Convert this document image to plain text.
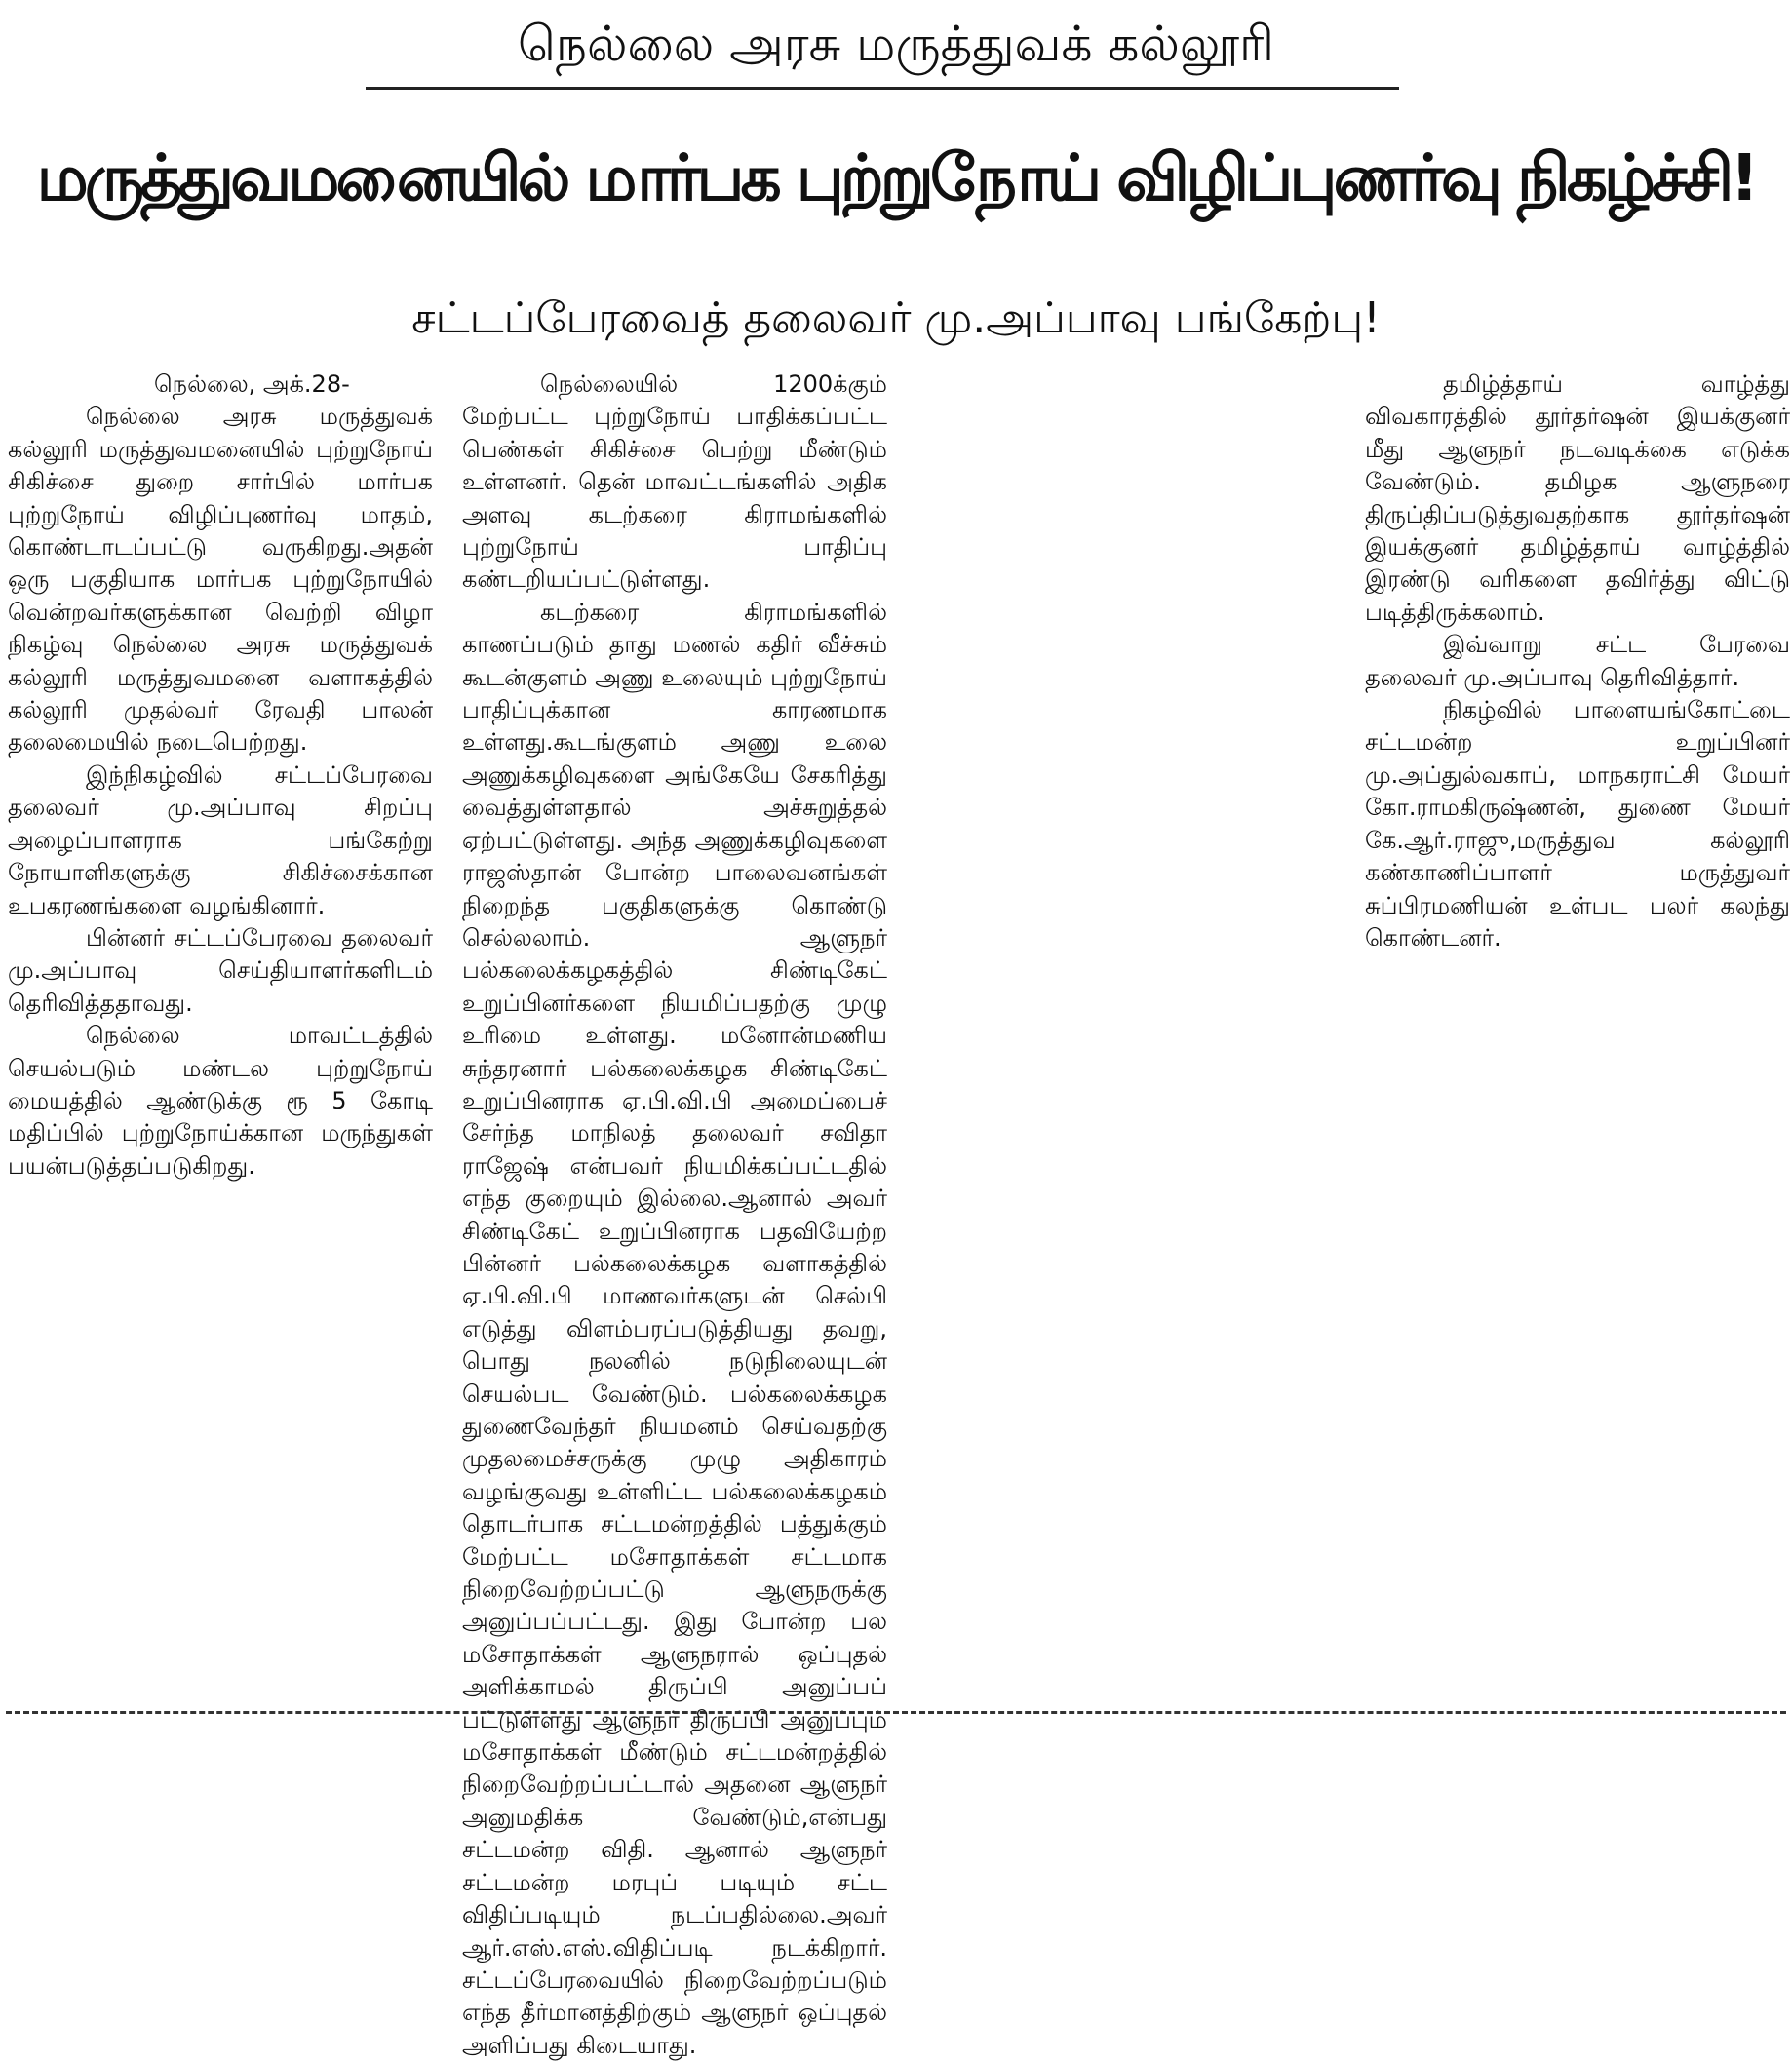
நெல்லை அரசு மருத்துவக் கல்லூரி
மருத்துவமனையில் மார்பக புற்றுநோய் விழிப்புணர்வு நிகழ்ச்சி!
சட்டப்பேரவைத் தலைவர் மு.அப்பாவு பங்கேற்பு!

நெல்லை, அக்.28-

நெல்லை அரசு மருத்துவக் கல்லூரி மருத்துவமனையில் புற்றுநோய் சிகிச்சை துறை சார்பில் மார்பக புற்றுநோய் விழிப்புணர்வு மாதம், கொண்டாடப்பட்டு வருகிறது.அதன் ஒரு பகுதியாக மார்பக புற்றுநோயில் வென்றவர்களுக்கான வெற்றி விழா நிகழ்வு நெல்லை அரசு மருத்துவக் கல்லூரி மருத்துவமனை வளாகத்தில் கல்லூரி முதல்வர் ரேவதி பாலன் தலைமையில் நடைபெற்றது.

இந்நிகழ்வில் சட்டப்பேரவை தலைவர் மு.அப்பாவு சிறப்பு அழைப்பாளராக பங்கேற்று நோயாளிகளுக்கு சிகிச்சைக்கான உபகரணங்களை வழங்கினார்.

பின்னர் சட்டப்பேரவை தலைவர் மு.அப்பாவு செய்தியாளர்களிடம் தெரிவித்ததாவது.

நெல்லை மாவட்டத்தில் செயல்படும் மண்டல புற்றுநோய் மையத்தில் ஆண்டுக்கு ரூ 5 கோடி மதிப்பில் புற்றுநோய்க்கான மருந்துகள் பயன்படுத்தப்படுகிறது.

நெல்லையில் 1200க்கும் மேற்பட்ட புற்றுநோய் பாதிக்கப்பட்ட பெண்கள் சிகிச்சை பெற்று மீண்டும் உள்ளனர். தென் மாவட்டங்களில் அதிக அளவு கடற்கரை கிராமங்களில் புற்றுநோய் பாதிப்பு கண்டறியப்பட்டுள்ளது.

கடற்கரை கிராமங்களில் காணப்படும் தாது மணல் கதிர் வீச்சும் கூடன்குளம் அணு உலையும் புற்றுநோய் பாதிப்புக்கான காரணமாக உள்ளது.கூடங்குளம் அணு உலை அணுக்கழிவுகளை அங்கேயே சேகரித்து வைத்துள்ளதால் அச்சுறுத்தல் ஏற்பட்டுள்ளது. அந்த அணுக்கழிவுகளை ராஜஸ்தான் போன்ற பாலைவனங்கள் நிறைந்த பகுதிகளுக்கு கொண்டு செல்லலாம். ஆளுநர் பல்கலைக்கழகத்தில் சிண்டிகேட் உறுப்பினர்களை நியமிப்பதற்கு முழு உரிமை உள்ளது. மனோன்மணிய சுந்தரனார் பல்கலைக்கழக சிண்டிகேட் உறுப்பினராக ஏ.பி.வி.பி அமைப்பைச் சேர்ந்த மாநிலத் தலைவர் சவிதா ராஜேஷ் என்பவர் நியமிக்கப்பட்டதில் எந்த குறையும் இல்லை.ஆனால் அவர் சிண்டிகேட் உறுப்பினராக பதவியேற்ற பின்னர் பல்கலைக்கழக வளாகத்தில் ஏ.பி.வி.பி மாணவர்களுடன் செல்பி எடுத்து விளம்பரப்படுத்தியது தவறு, பொது நலனில் நடுநிலையுடன் செயல்பட வேண்டும். பல்கலைக்கழக துணைவேந்தர் நியமனம் செய்வதற்கு முதலமைச்சருக்கு முழு அதிகாரம் வழங்குவது உள்ளிட்ட பல்கலைக்கழகம் தொடர்பாக சட்டமன்றத்தில் பத்துக்கும் மேற்பட்ட மசோதாக்கள் சட்டமாக நிறைவேற்றப்பட்டு ஆளுநருக்கு அனுப்பப்பட்டது. இது போன்ற பல மசோதாக்கள் ஆளுநரால் ஒப்புதல் அளிக்காமல் திருப்பி அனுப்பப் பட்டுள்ளது ஆளுநர் திருப்பி அனுப்பும் மசோதாக்கள் மீண்டும் சட்டமன்றத்தில் நிறைவேற்றப்பட்டால் அதனை ஆளுநர் அனுமதிக்க வேண்டும்,என்பது சட்டமன்ற விதி. ஆனால் ஆளுநர் சட்டமன்ற மரபுப் படியும் சட்ட விதிப்படியும் நடப்பதில்லை.அவர் ஆர்.எஸ்.எஸ்.விதிப்படி நடக்கிறார். சட்டப்பேரவையில் நிறைவேற்றப்படும் எந்த தீர்மானத்திற்கும் ஆளுநர் ஒப்புதல் அளிப்பது கிடையாது.

தமிழ்த்தாய் வாழ்த்து விவகாரத்தில் தூர்தர்ஷன் இயக்குனர் மீது ஆளுநர் நடவடிக்கை எடுக்க வேண்டும். தமிழக ஆளுநரை திருப்திப்படுத்துவதற்காக தூர்தர்ஷன் இயக்குனர் தமிழ்த்தாய் வாழ்த்தில் இரண்டு வரிகளை தவிர்த்து விட்டு படித்திருக்கலாம்.

இவ்வாறு சட்ட பேரவை தலைவர் மு.அப்பாவு தெரிவித்தார்.

நிகழ்வில் பாளையங்கோட்டை சட்டமன்ற உறுப்பினர் மு.அப்துல்வகாப், மாநகராட்சி மேயர் கோ.ராமகிருஷ்ணன், துணை மேயர் கே.ஆர்.ராஜு,மருத்துவ கல்லூரி கண்காணிப்பாளர் மருத்துவர் சுப்பிரமணியன் உள்பட பலர் கலந்து கொண்டனர்.
